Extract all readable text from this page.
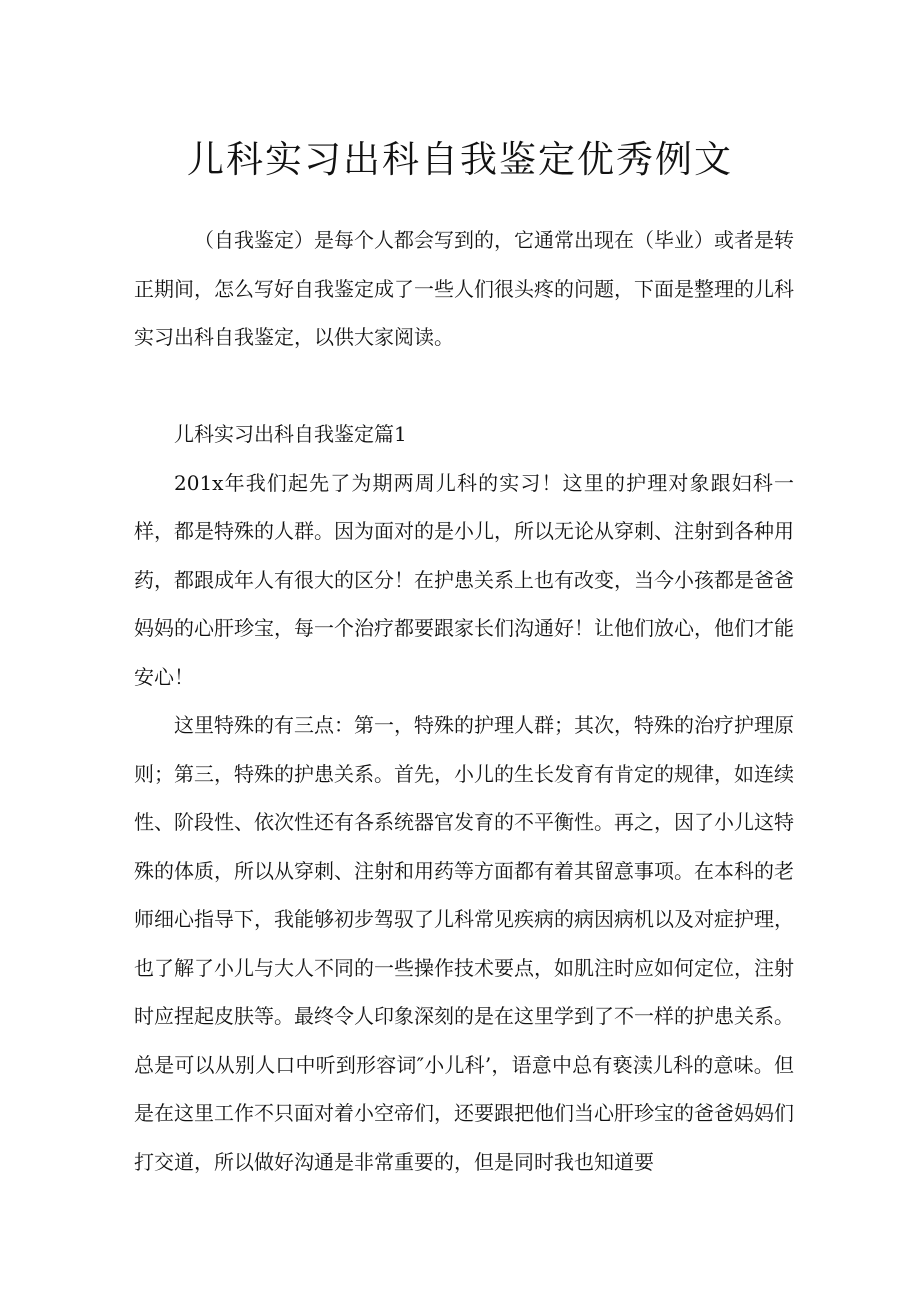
儿科实习出科自我鉴定优秀例文

（自我鉴定）是每个人都会写到的，它通常出现在（毕业）或者是转正期间，怎么写好自我鉴定成了一些人们很头疼的问题，下面是整理的儿科实习出科自我鉴定，以供大家阅读。

儿科实习出科自我鉴定篇1

201x年我们起先了为期两周儿科的实习！这里的护理对象跟妇科一样，都是特殊的人群。因为面对的是小儿，所以无论从穿刺、注射到各种用药，都跟成年人有很大的区分！在护患关系上也有改变，当今小孩都是爸爸妈妈的心肝珍宝，每一个治疗都要跟家长们沟通好！让他们放心，他们才能安心！

这里特殊的有三点：第一，特殊的护理人群；其次，特殊的治疗护理原则；第三，特殊的护患关系。首先，小儿的生长发育有肯定的规律，如连续性、阶段性、依次性还有各系统器官发育的不平衡性。再之，因了小儿这特殊的体质，所以从穿刺、注射和用药等方面都有着其留意事项。在本科的老师细心指导下，我能够初步驾驭了儿科常见疾病的病因病机以及对症护理，也了解了小儿与大人不同的一些操作技术要点，如肌注时应如何定位，注射时应捏起皮肤等。最终令人印象深刻的是在这里学到了不一样的护患关系。总是可以从别人口中听到形容词″小儿科’，语意中总有亵渎儿科的意味。但是在这里工作不只面对着小空帝们，还要跟把他们当心肝珍宝的爸爸妈妈们打交道，所以做好沟通是非常重要的，但是同时我也知道要
